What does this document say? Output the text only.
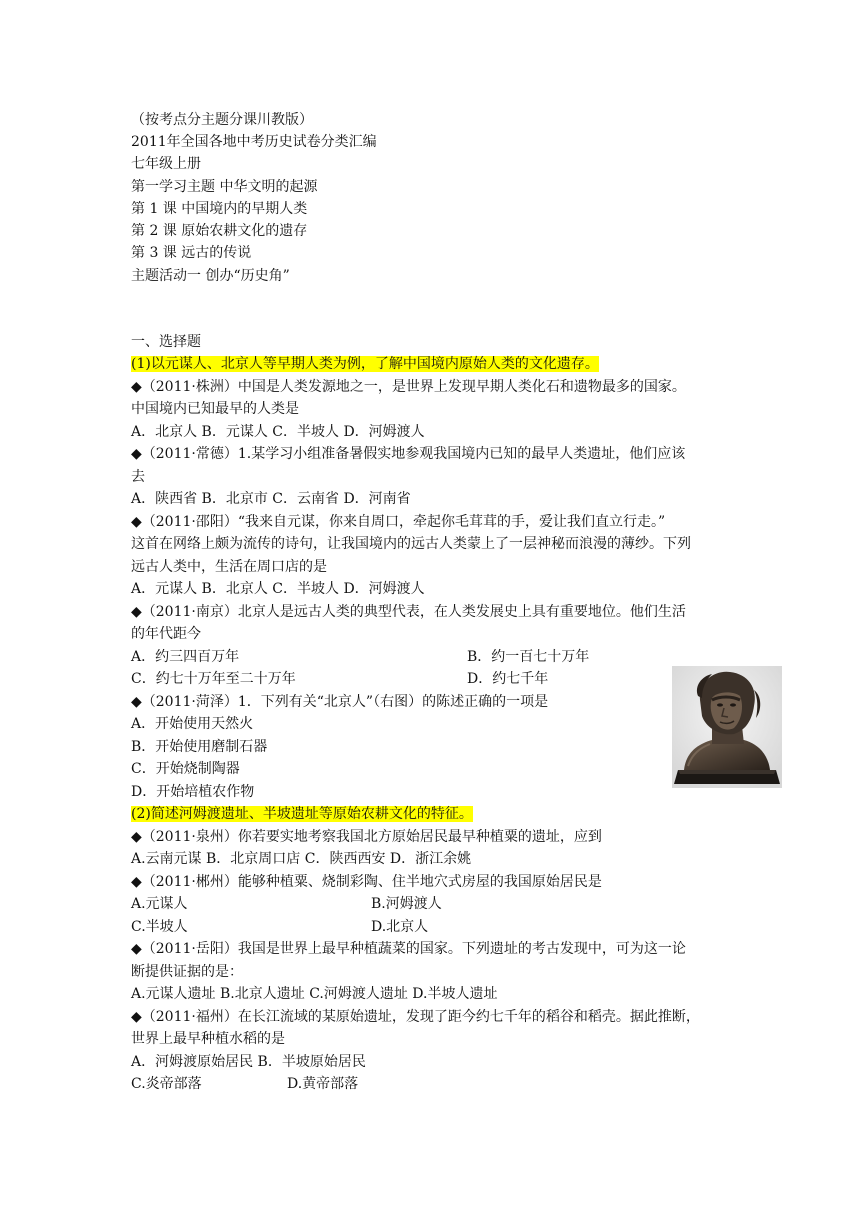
（按考点分主题分课川教版）
2011年全国各地中考历史试卷分类汇编
七年级上册
第一学习主题 中华文明的起源
第 1 课 中国境内的早期人类
第 2 课 原始农耕文化的遗存
第 3 课 远古的传说
主题活动一 创办“历史角”
一、选择题
(1)以元谋人、北京人等早期人类为例，了解中国境内原始人类的文化遗存。
◆（2011·株洲）中国是人类发源地之一，是世界上发现早期人类化石和遗物最多的国家。
中国境内已知最早的人类是
A．北京人 B．元谋人 C．半坡人 D．河姆渡人
◆（2011·常德）1.某学习小组准备暑假实地参观我国境内已知的最早人类遗址，他们应该
去
A．陕西省 B．北京市 C．云南省 D．河南省
◆（2011·邵阳）“我来自元谋，你来自周口，牵起你毛茸茸的手，爱让我们直立行走。”
这首在网络上颇为流传的诗句，让我国境内的远古人类蒙上了一层神秘而浪漫的薄纱。下列
远古人类中，生活在周口店的是
A．元谋人 B．北京人 C．半坡人 D．河姆渡人
◆（2011·南京）北京人是远古人类的典型代表，在人类发展史上具有重要地位。他们生活
的年代距今
A．约三四百万年	B．约一百七十万年
C．约七十万年至二十万年	D．约七千年
◆（2011·菏泽）1．下列有关“北京人”（右图）的陈述正确的一项是
A．开始使用天然火
B．开始使用磨制石器
C．开始烧制陶器
D．开始培植农作物
(2)简述河姆渡遗址、半坡遗址等原始农耕文化的特征。
◆（2011·泉州）你若要实地考察我国北方原始居民最早种植粟的遗址，应到
A.云南元谋 B．北京周口店 C．陕西西安 D．浙江余姚
◆（2011·郴州）能够种植粟、烧制彩陶、住半地穴式房屋的我国原始居民是
A.元谋人	B.河姆渡人
C.半坡人	D.北京人
◆（2011·岳阳）我国是世界上最早种植蔬菜的国家。下列遗址的考古发现中，可为这一论
断提供证据的是：
A.元谋人遗址 B.北京人遗址 C.河姆渡人遗址 D.半坡人遗址
◆（2011·福州）在长江流域的某原始遗址，发现了距今约七千年的稻谷和稻壳。据此推断，
世界上最早种植水稻的是
A．河姆渡原始居民 B．半坡原始居民
C.炎帝部落	D.黄帝部落
